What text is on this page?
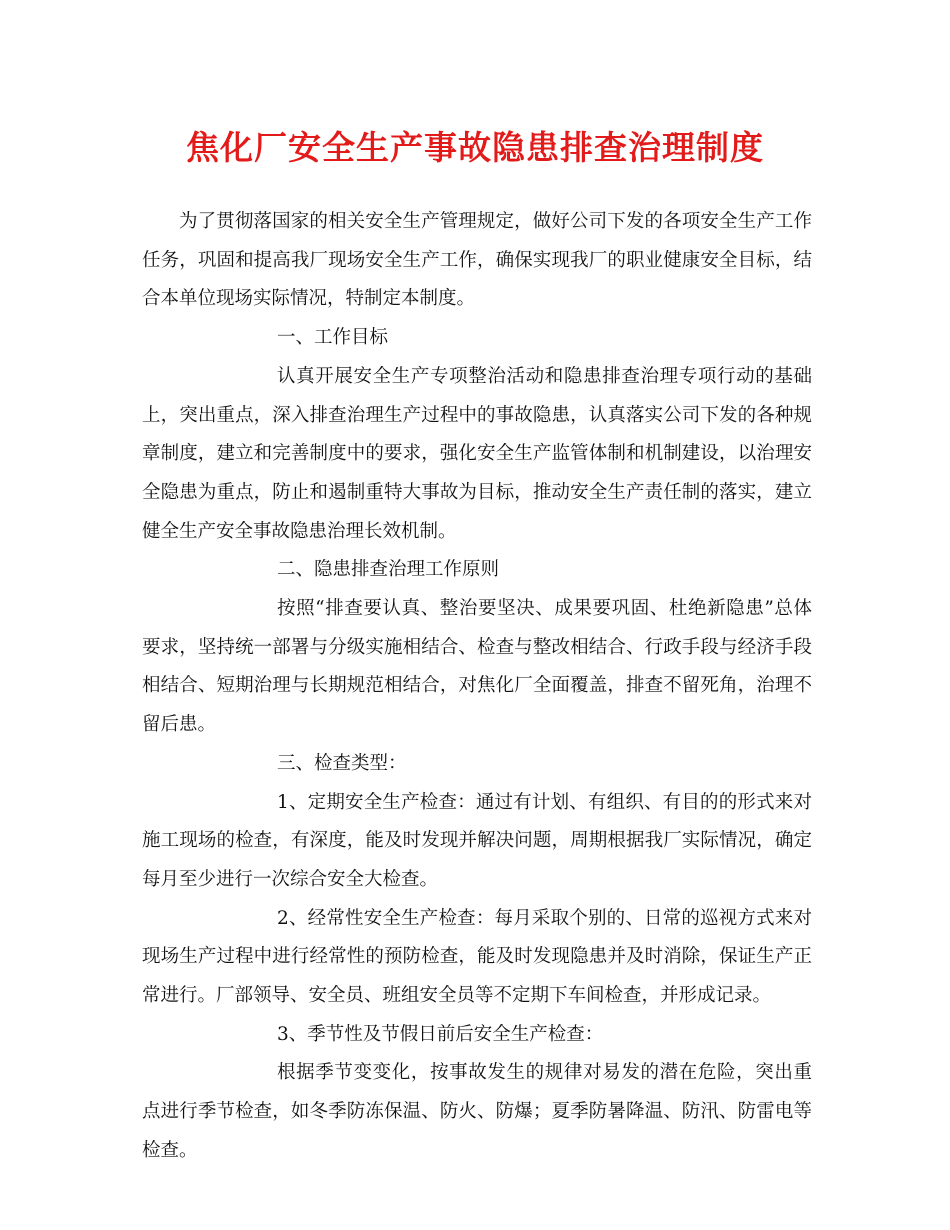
焦化厂安全生产事故隐患排查治理制度

为了贯彻落国家的相关安全生产管理规定，做好公司下发的各项安全生产工作任务，巩固和提高我厂现场安全生产工作，确保实现我厂的职业健康安全目标，结合本单位现场实际情况，特制定本制度。

一、工作目标

认真开展安全生产专项整治活动和隐患排查治理专项行动的基础上，突出重点，深入排查治理生产过程中的事故隐患，认真落实公司下发的各种规章制度，建立和完善制度中的要求，强化安全生产监管体制和机制建设，以治理安全隐患为重点，防止和遏制重特大事故为目标，推动安全生产责任制的落实，建立健全生产安全事故隐患治理长效机制。

二、隐患排查治理工作原则

按照“排查要认真、整治要坚决、成果要巩固、杜绝新隐患”总体要求，坚持统一部署与分级实施相结合、检查与整改相结合、行政手段与经济手段相结合、短期治理与长期规范相结合，对焦化厂全面覆盖，排查不留死角，治理不留后患。

三、检查类型：

1、定期安全生产检查：通过有计划、有组织、有目的的形式来对施工现场的检查，有深度，能及时发现并解决问题，周期根据我厂实际情况，确定每月至少进行一次综合安全大检查。

2、经常性安全生产检查：每月采取个别的、日常的巡视方式来对现场生产过程中进行经常性的预防检查，能及时发现隐患并及时消除，保证生产正常进行。厂部领导、安全员、班组安全员等不定期下车间检查，并形成记录。

3、季节性及节假日前后安全生产检查：

根据季节变变化，按事故发生的规律对易发的潜在危险，突出重点进行季节检查，如冬季防冻保温、防火、防爆；夏季防暑降温、防汛、防雷电等检查。
